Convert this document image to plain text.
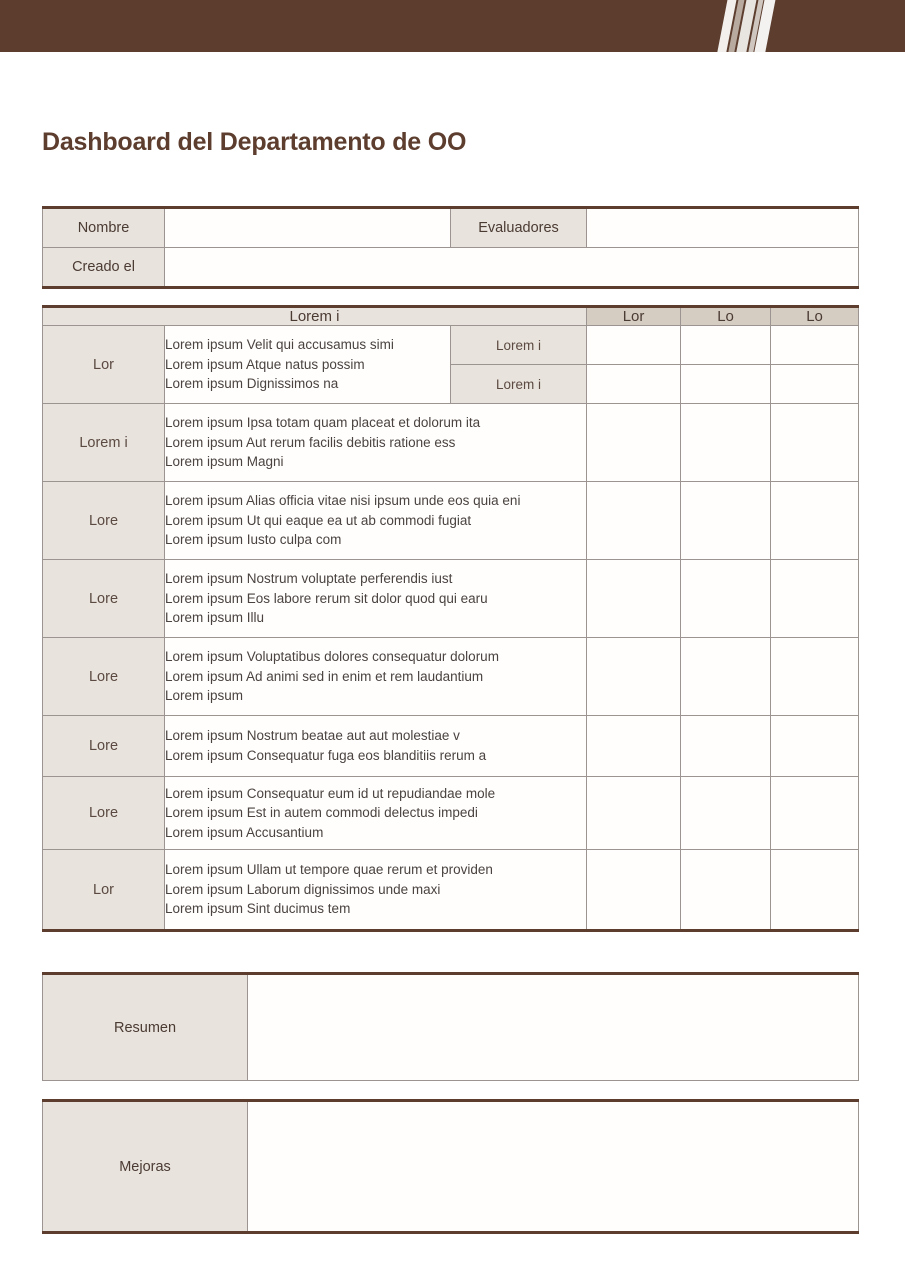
Dashboard del Departamento de OO
Nombre		Evaluadores	
Creado el			
Lorem i			Lor	Lo	Lo
Lor	Lorem ipsum Velit qui accusamus simi
Lorem ipsum Atque natus possim
Lorem ipsum Dignissimos na	Lorem i			
		Lorem i			
Lorem i	Lorem ipsum Ipsa totam quam placeat et dolorum ita
Lorem ipsum Aut rerum facilis debitis ratione ess
Lorem ipsum Magni				

Lore	Lorem ipsum Alias officia vitae nisi ipsum unde eos quia eni
Lorem ipsum Ut qui eaque ea ut ab commodi fugiat
Lorem ipsum Iusto culpa com				

Lore	Lorem ipsum Nostrum voluptate perferendis iust
Lorem ipsum Eos labore rerum sit dolor quod qui earu
Lorem ipsum Illu				

Lore	Lorem ipsum Voluptatibus dolores consequatur dolorum
Lorem ipsum Ad animi sed in enim et rem laudantium
Lorem ipsum				

Lore	Lorem ipsum Nostrum beatae aut aut molestiae v
Lorem ipsum Consequatur fuga eos blanditiis rerum a				

Lore	Lorem ipsum Consequatur eum id ut repudiandae mole
Lorem ipsum Est in autem commodi delectus impedi
Lorem ipsum Accusantium				

Lor	Lorem ipsum Ullam ut tempore quae rerum et providen
Lorem ipsum Laborum dignissimos unde maxi
Lorem ipsum Sint ducimus tem				

Resumen	
Mejoras	
